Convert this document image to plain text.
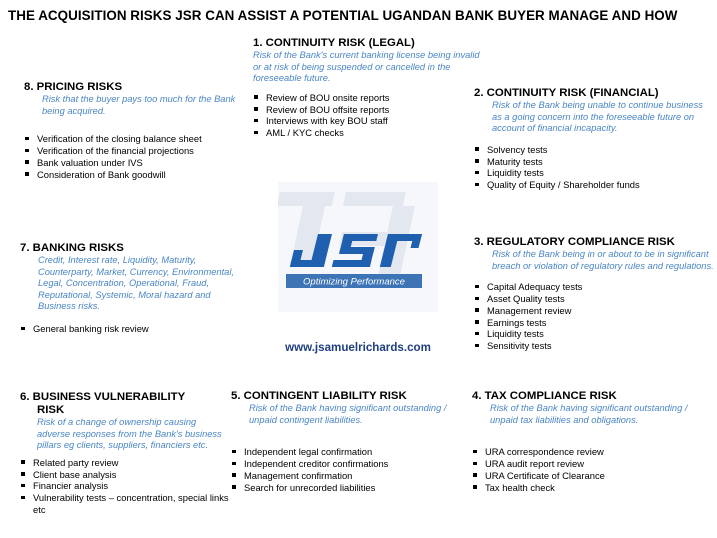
THE ACQUISITION RISKS JSR CAN ASSIST A POTENTIAL UGANDAN BANK BUYER MANAGE AND HOW
1. CONTINUITY RISK (LEGAL)
Risk of the Bank's current banking license being invalid or at risk of being suspended or cancelled in the foreseeable future.
Review of BOU onsite reports
Review of BOU offsite reports
Interviews with key BOU staff
AML / KYC checks
2. CONTINUITY RISK (FINANCIAL)
Risk of the Bank being unable to continue business as a going concern into the foreseeable future on account of financial incapacity.
Solvency tests
Maturity tests
Liquidity tests
Quality of Equity / Shareholder funds
3. REGULATORY COMPLIANCE RISK
Risk of the Bank being in or about to be in significant breach or violation of regulatory rules and regulations.
Capital Adequacy tests
Asset Quality tests
Management review
Earnings tests
Liquidity tests
Sensitivity tests
4. TAX COMPLIANCE RISK
Risk of the Bank having significant outstanding / unpaid tax liabilities and obligations.
URA correspondence review
URA audit report review
URA Certificate of Clearance
Tax health check
5. CONTINGENT LIABILITY RISK
Risk of the Bank having significant outstanding / unpaid contingent liabilities.
Independent legal confirmation
Independent creditor confirmations
Management confirmation
Search for unrecorded liabilities
6. BUSINESS VULNERABILITY
RISK
Risk of a change of ownership causing adverse responses from the Bank's business pillars eg clients, suppliers, financiers etc.
Related party review
Client base analysis
Financier analysis
Vulnerability tests – concentration, special links etc
7. BANKING RISKS
Credit, Interest rate, Liquidity, Maturity, Counterparty, Market, Currency, Environmental, Legal, Concentration, Operational, Fraud, Reputational, Systemic, Moral hazard and Business risks.
General banking risk review
8. PRICING RISKS
Risk that the buyer pays too much for the Bank being acquired.
Verification of the closing balance sheet
Verification of the financial projections
Bank valuation under IVS
Consideration of Bank goodwill
Optimizing Performance
www.jsamuelrichards.com
